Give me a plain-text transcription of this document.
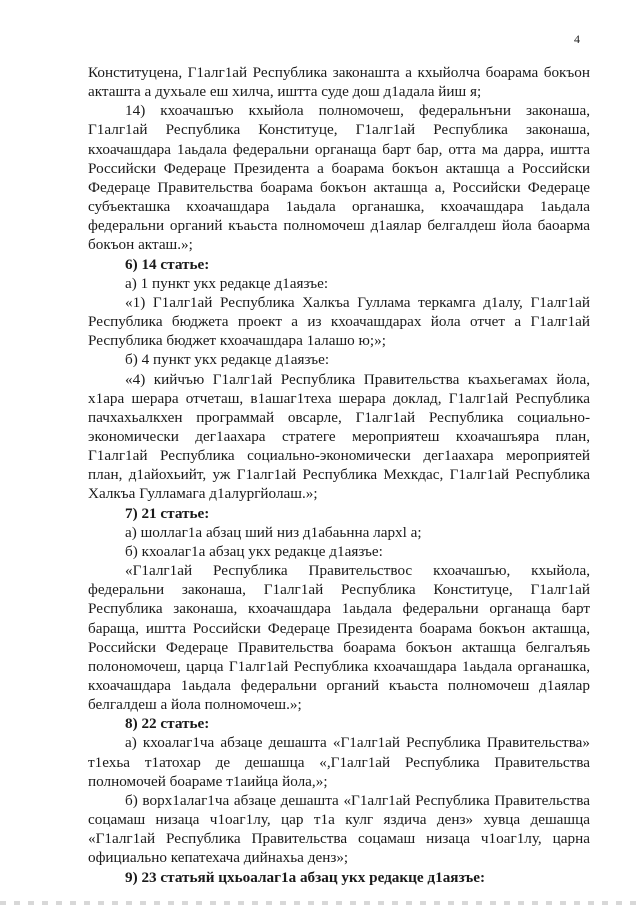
4

Конституцена, Г1алг1ай Республика законашта а кхыйолча боарама бокъон акташта а духьале еш хилча, иштта суде дош д1адала йиш я;

14) кхоачашъю кхыйола полномочеш, федеральнъни законаша, Г1алг1ай Республика Конституце, Г1алг1ай Республика законаша, кхоачашдара 1аьдала федеральни органаща барт бар, отта ма дарра, иштта Российски Федераце Президента а боарама бокъон акташца а Российски Федераце Правительства боарама бокъон акташца а, Российски Федераце субъекташка кхоачашдара 1аьдала органашка, кхоачашдара 1аьдала федеральни органий къаьста полномочеш д1аялар белгалдеш йола баоарма бокъон акташ.»;

6) 14 статье:

а) 1 пункт укх редакце д1аязъе:

«1) Г1алг1ай Республика Халкъа Гуллама теркамга д1алу, Г1алг1ай Республика бюджета проект а из кхоачашдарах йола отчет а Г1алг1ай Республика бюджет кхоачашдара 1алашо ю;»;

б) 4 пункт укх редакце д1аязъе:

«4) кийчъю Г1алг1ай Республика Правительства къахьегамах йола, х1ара шерара отчеташ, в1ашаг1теха шерара доклад, Г1алг1ай Республика пачхахьалкхен программай овсарле, Г1алг1ай Республика социально-экономически дег1аахара стратеге мероприятеш кхоачашъяра план, Г1алг1ай Республика социально-экономически дег1аахара мероприятей план, д1айохьийт, уж Г1алг1ай Республика Мехкдас, Г1алг1ай Республика Халкъа Гулламага д1алургйолаш.»;

7) 21 статье:

а) шоллаг1а абзац ший низ д1абаьнна лархl а;

б) кхоалаг1а абзац укх редакце д1аязъе:

«Г1алг1ай Республика Правительствос кхоачашъю, кхыйола, федеральни законаша, Г1алг1ай Республика Конституце, Г1алг1ай Республика законаша, кхоачашдара 1аьдала федеральни органаща барт бараща, иштта Российски Федераце Президента боарама бокъон акташца, Российски Федераце Правительства боарама бокъон акташца белгалъяь полономочеш, царца Г1алг1ай Республика кхоачашдара 1аьдала органашка, кхоачашдара 1аьдала федеральни органий къаьста полномочеш д1аялар белгалдеш а йола полномочеш.»;

8) 22 статье:

а) кхоалаг1ча абзаце дешашта «Г1алг1ай Республика Правительства» т1ехьа т1атохар де дешашца «,Г1алг1ай Республика Правительства полномочей боараме т1аийца йола,»;

б) ворх1алаг1ча абзаце дешашта «Г1алг1ай Республика Правительства соцамаш низаца ч1оаг1лу, цар т1а кулг яздича денз» хувца дешашца «Г1алг1ай Республика Правительства соцамаш низаца ч1оаг1лу, царна официально кепатехача дийнахьа денз»;

9) 23 статьяй цхьоалаг1а абзац укх редакце д1аязъе:
